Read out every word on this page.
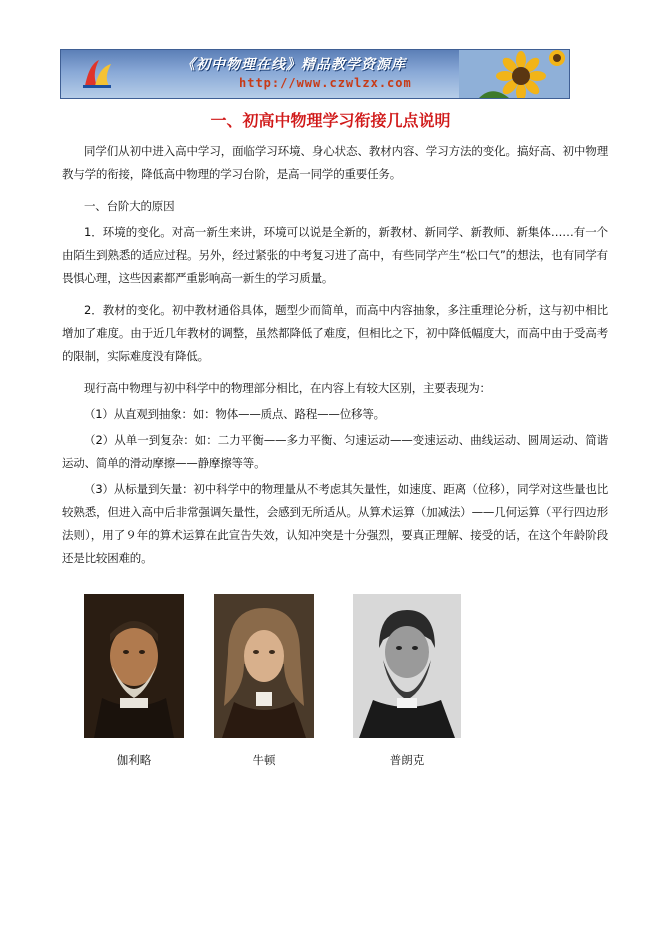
《初中物理在线》精品教学资源库
http://www.czwlzx.com
一、初高中物理学习衔接几点说明

同学们从初中进入高中学习，面临学习环境、身心状态、教材内容、学习方法的变化。搞好高、初中物理教与学的衔接，降低高中物理的学习台阶，是高一同学的重要任务。

一、台阶大的原因

1．环境的变化。对高一新生来讲，环境可以说是全新的，新教材、新同学、新教师、新集体……有一个由陌生到熟悉的适应过程。另外，经过紧张的中考复习进了高中，有些同学产生“松口气”的想法，也有同学有畏惧心理，这些因素都严重影响高一新生的学习质量。

2．教材的变化。初中教材通俗具体，题型少而简单，而高中内容抽象，多注重理论分析，这与初中相比增加了难度。由于近几年教材的调整，虽然都降低了难度，但相比之下，初中降低幅度大，而高中由于受高考的限制，实际难度没有降低。

现行高中物理与初中科学中的物理部分相比，在内容上有较大区别，主要表现为：

（1）从直观到抽象：如：物体——质点、路程——位移等。

（2）从单一到复杂：如：二力平衡——多力平衡、匀速运动——变速运动、曲线运动、圆周运动、简谐运动、简单的滑动摩擦——静摩擦等等。

（3）从标量到矢量：初中科学中的物理量从不考虑其矢量性，如速度、距离（位移），同学对这些量也比较熟悉，但进入高中后非常强调矢量性，会感到无所适从。从算术运算（加减法）——几何运算（平行四边形法则），用了９年的算术运算在此宣告失效，认知冲突是十分强烈，要真正理解、接受的话，在这个年龄阶段还是比较困难的。

伽利略	牛顿	普朗克
